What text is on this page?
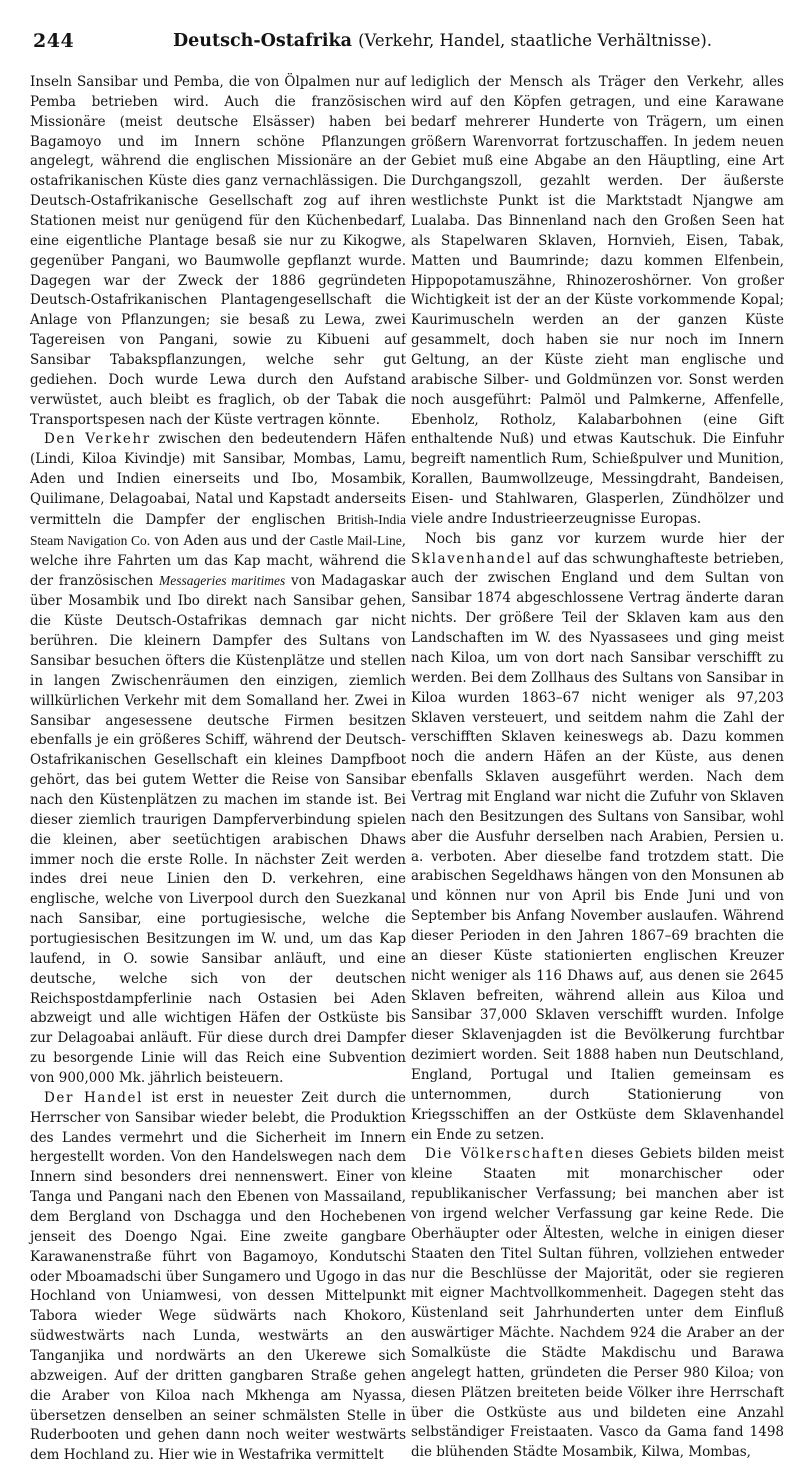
244	Deutsch-Ostafrika (Verkehr, Handel, staatliche Verhältnisse).

Inseln Sansibar und Pemba, die von Ölpalmen nur auf Pemba betrieben wird. Auch die französischen Missionäre (meist deutsche Elsässer) haben bei Bagamoyo und im Innern schöne Pflanzungen angelegt, während die englischen Missionäre an der ostafrikanischen Küste dies ganz vernachlässigen. Die Deutsch-Ostafrikanische Gesellschaft zog auf ihren Stationen meist nur genügend für den Küchenbedarf, eine eigentliche Plantage besaß sie nur zu Kikogwe, gegenüber Pangani, wo Baumwolle gepflanzt wurde. Dagegen war der Zweck der 1886 gegründeten Deutsch-Ostafrikanischen Plantagengesellschaft die Anlage von Pflanzungen; sie besaß zu Lewa, zwei Tagereisen von Pangani, sowie zu Kibueni auf Sansibar Tabakspflanzungen, welche sehr gut gediehen. Doch wurde Lewa durch den Aufstand verwüstet, auch bleibt es fraglich, ob der Tabak die Transportspesen nach der Küste vertragen könnte.

Den Verkehr zwischen den bedeutendern Häfen (Lindi, Kiloa Kivindje) mit Sansibar, Mombas, Lamu, Aden und Indien einerseits und Ibo, Mosambik, Quilimane, Delagoabai, Natal und Kapstadt anderseits vermitteln die Dampfer der englischen British-India Steam Navigation Co. von Aden aus und der Castle Mail-Line, welche ihre Fahrten um das Kap macht, während die der französischen Messageries maritimes von Madagaskar über Mosambik und Ibo direkt nach Sansibar gehen, die Küste Deutsch-Ostafrikas demnach gar nicht berühren. Die kleinern Dampfer des Sultans von Sansibar besuchen öfters die Küstenplätze und stellen in langen Zwischenräumen den einzigen, ziemlich willkürlichen Verkehr mit dem Somalland her. Zwei in Sansibar angesessene deutsche Firmen besitzen ebenfalls je ein größeres Schiff, während der Deutsch-Ostafrikanischen Gesellschaft ein kleines Dampfboot gehört, das bei gutem Wetter die Reise von Sansibar nach den Küstenplätzen zu machen im stande ist. Bei dieser ziemlich traurigen Dampferverbindung spielen die kleinen, aber seetüchtigen arabischen Dhaws immer noch die erste Rolle. In nächster Zeit werden indes drei neue Linien den D. verkehren, eine englische, welche von Liverpool durch den Suezkanal nach Sansibar, eine portugiesische, welche die portugiesischen Besitzungen im W. und, um das Kap laufend, in O. sowie Sansibar anläuft, und eine deutsche, welche sich von der deutschen Reichspostdampferlinie nach Ostasien bei Aden abzweigt und alle wichtigen Häfen der Ostküste bis zur Delagoabai anläuft. Für diese durch drei Dampfer zu besorgende Linie will das Reich eine Subvention von 900,000 Mk. jährlich beisteuern.

Der Handel ist erst in neuester Zeit durch die Herrscher von Sansibar wieder belebt, die Produktion des Landes vermehrt und die Sicherheit im Innern hergestellt worden. Von den Handelswegen nach dem Innern sind besonders drei nennenswert. Einer von Tanga und Pangani nach den Ebenen von Massailand, dem Bergland von Dschagga und den Hochebenen jenseit des Doengo Ngai. Eine zweite gangbare Karawanenstraße führt von Bagamoyo, Kondutschi oder Mboamadschi über Sungamero und Ugogo in das Hochland von Uniamwesi, von dessen Mittelpunkt Tabora wieder Wege südwärts nach Khokoro, südwestwärts nach Lunda, westwärts an den Tanganjika und nordwärts an den Ukerewe sich abzweigen. Auf der dritten gangbaren Straße gehen die Araber von Kiloa nach Mkhenga am Nyassa, übersetzen denselben an seiner schmälsten Stelle in Ruderbooten und gehen dann noch weiter westwärts dem Hochland zu. Hier wie in Westafrika vermittelt

lediglich der Mensch als Träger den Verkehr, alles wird auf den Köpfen getragen, und eine Karawane bedarf mehrerer Hunderte von Trägern, um einen größern Warenvorrat fortzuschaffen. In jedem neuen Gebiet muß eine Abgabe an den Häuptling, eine Art Durchgangszoll, gezahlt werden. Der äußerste westlichste Punkt ist die Marktstadt Njangwe am Lualaba. Das Binnenland nach den Großen Seen hat als Stapelwaren Sklaven, Hornvieh, Eisen, Tabak, Matten und Baumrinde; dazu kommen Elfenbein, Hippopotamuszähne, Rhinozeroshörner. Von großer Wichtigkeit ist der an der Küste vorkommende Kopal; Kaurimuscheln werden an der ganzen Küste gesammelt, doch haben sie nur noch im Innern Geltung, an der Küste zieht man englische und arabische Silber- und Goldmünzen vor. Sonst werden noch ausgeführt: Palmöl und Palmkerne, Affenfelle, Ebenholz, Rotholz, Kalabarbohnen (eine Gift enthaltende Nuß) und etwas Kautschuk. Die Einfuhr begreift namentlich Rum, Schießpulver und Munition, Korallen, Baumwollzeuge, Messingdraht, Bandeisen, Eisen- und Stahlwaren, Glasperlen, Zündhölzer und viele andre Industrieerzeugnisse Europas.

Noch bis ganz vor kurzem wurde hier der Sklavenhandel auf das schwunghafteste betrieben, auch der zwischen England und dem Sultan von Sansibar 1874 abgeschlossene Vertrag änderte daran nichts. Der größere Teil der Sklaven kam aus den Landschaften im W. des Nyassasees und ging meist nach Kiloa, um von dort nach Sansibar verschifft zu werden. Bei dem Zollhaus des Sultans von Sansibar in Kiloa wurden 1863–67 nicht weniger als 97,203 Sklaven versteuert, und seitdem nahm die Zahl der verschifften Sklaven keineswegs ab. Dazu kommen noch die andern Häfen an der Küste, aus denen ebenfalls Sklaven ausgeführt werden. Nach dem Vertrag mit England war nicht die Zufuhr von Sklaven nach den Besitzungen des Sultans von Sansibar, wohl aber die Ausfuhr derselben nach Arabien, Persien u. a. verboten. Aber dieselbe fand trotzdem statt. Die arabischen Segeldhaws hängen von den Monsunen ab und können nur von April bis Ende Juni und von September bis Anfang November auslaufen. Während dieser Perioden in den Jahren 1867–69 brachten die an dieser Küste stationierten englischen Kreuzer nicht weniger als 116 Dhaws auf, aus denen sie 2645 Sklaven befreiten, während allein aus Kiloa und Sansibar 37,000 Sklaven verschifft wurden. Infolge dieser Sklavenjagden ist die Bevölkerung furchtbar dezimiert worden. Seit 1888 haben nun Deutschland, England, Portugal und Italien gemeinsam es unternommen, durch Stationierung von Kriegsschiffen an der Ostküste dem Sklavenhandel ein Ende zu setzen.

Die Völkerschaften dieses Gebiets bilden meist kleine Staaten mit monarchischer oder republikanischer Verfassung; bei manchen aber ist von irgend welcher Verfassung gar keine Rede. Die Oberhäupter oder Ältesten, welche in einigen dieser Staaten den Titel Sultan führen, vollziehen entweder nur die Beschlüsse der Majorität, oder sie regieren mit eigner Machtvollkommenheit. Dagegen steht das Küstenland seit Jahrhunderten unter dem Einfluß auswärtiger Mächte. Nachdem 924 die Araber an der Somalküste die Städte Makdischu und Barawa angelegt hatten, gründeten die Perser 980 Kiloa; von diesen Plätzen breiteten beide Völker ihre Herrschaft über die Ostküste aus und bildeten eine Anzahl selbständiger Freistaaten. Vasco da Gama fand 1498 die blühenden Städte Mosambik, Kilwa, Mombas,
